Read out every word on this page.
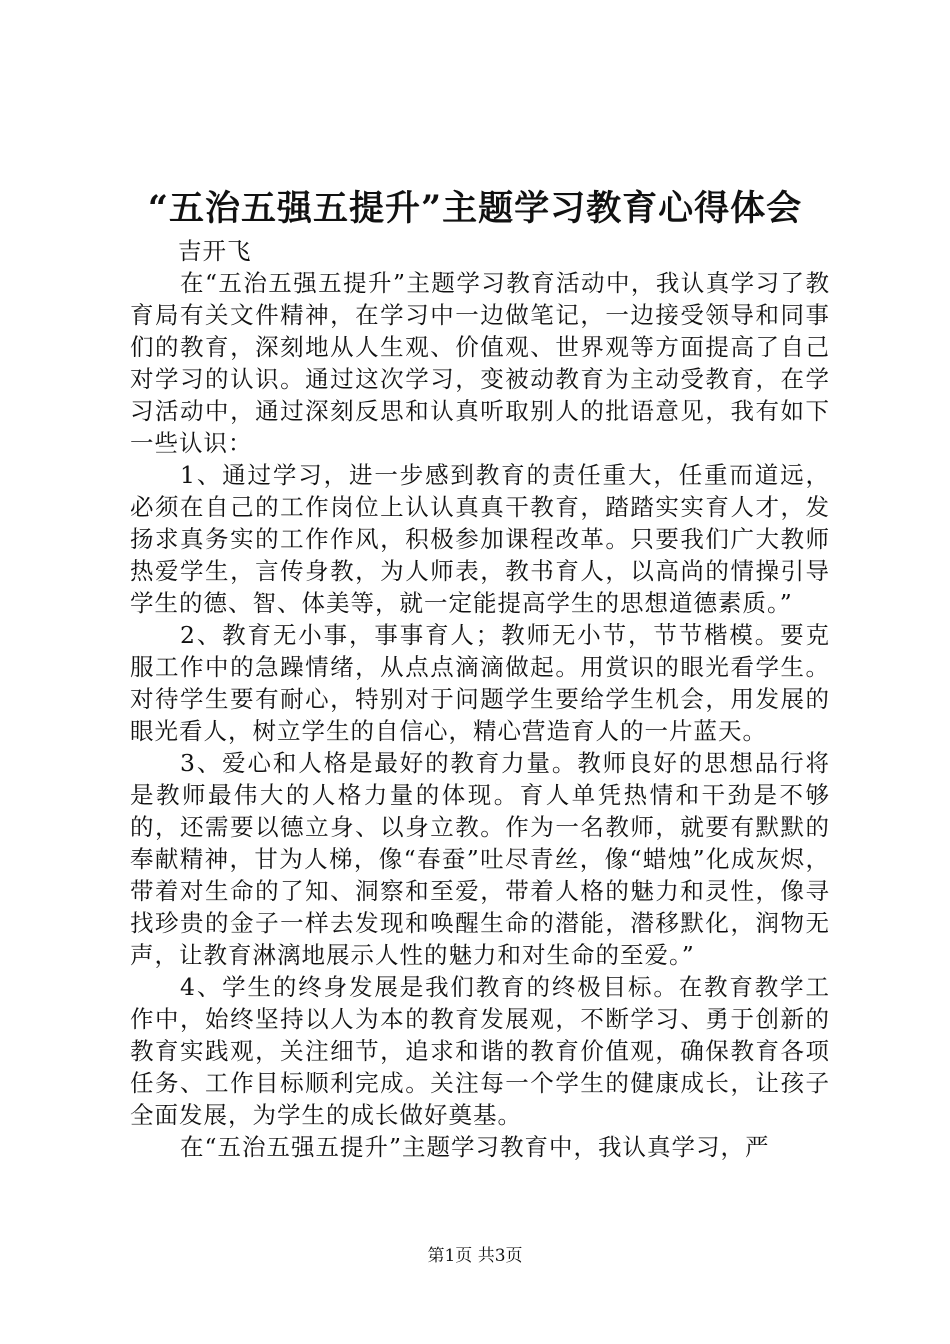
“五治五强五提升”主题学习教育心得体会
吉开飞

在“五治五强五提升”主题学习教育活动中，我认真学习了教育局有关文件精神，在学习中一边做笔记，一边接受领导和同事们的教育，深刻地从人生观、价值观、世界观等方面提高了自己对学习的认识。通过这次学习，变被动教育为主动受教育，在学习活动中，通过深刻反思和认真听取别人的批语意见，我有如下一些认识：

1、通过学习，进一步感到教育的责任重大，任重而道远，必须在自己的工作岗位上认认真真干教育，踏踏实实育人才，发扬求真务实的工作作风，积极参加课程改革。只要我们广大教师热爱学生，言传身教，为人师表，教书育人，以高尚的情操引导学生的德、智、体美等，就一定能提高学生的思想道德素质。”

2、教育无小事，事事育人；教师无小节，节节楷模。要克服工作中的急躁情绪，从点点滴滴做起。用赏识的眼光看学生。对待学生要有耐心，特别对于问题学生要给学生机会，用发展的眼光看人，树立学生的自信心，精心营造育人的一片蓝天。

3、爱心和人格是最好的教育力量。教师良好的思想品行将是教师最伟大的人格力量的体现。育人单凭热情和干劲是不够的，还需要以德立身、以身立教。作为一名教师，就要有默默的奉献精神，甘为人梯，像“春蚕”吐尽青丝，像“蜡烛”化成灰烬，带着对生命的了知、洞察和至爱，带着人格的魅力和灵性，像寻找珍贵的金子一样去发现和唤醒生命的潜能，潜移默化，润物无声，让教育淋漓地展示人性的魅力和对生命的至爱。”

4、学生的终身发展是我们教育的终极目标。在教育教学工作中，始终坚持以人为本的教育发展观，不断学习、勇于创新的教育实践观，关注细节，追求和谐的教育价值观，确保教育各项任务、工作目标顺利完成。关注每一个学生的健康成长，让孩子全面发展，为学生的成长做好奠基。

在“五治五强五提升”主题学习教育中，我认真学习，严

第1页 共3页
